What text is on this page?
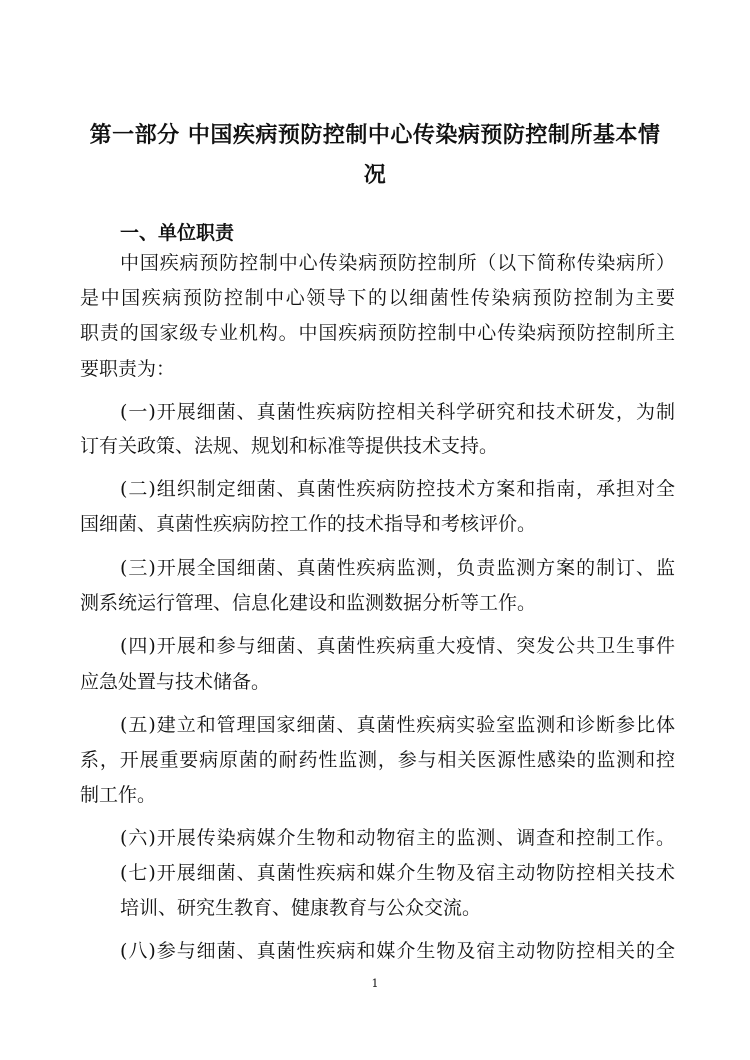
第一部分 中国疾病预防控制中心传染病预防控制所基本情
况
一、单位职责
中国疾病预防控制中心传染病预防控制所（以下简称传染病所）
是中国疾病预防控制中心领导下的以细菌性传染病预防控制为主要
职责的国家级专业机构。中国疾病预防控制中心传染病预防控制所主
要职责为：
(一)开展细菌、真菌性疾病防控相关科学研究和技术研发，为制
订有关政策、法规、规划和标准等提供技术支持。
(二)组织制定细菌、真菌性疾病防控技术方案和指南，承担对全
国细菌、真菌性疾病防控工作的技术指导和考核评价。
(三)开展全国细菌、真菌性疾病监测，负责监测方案的制订、监
测系统运行管理、信息化建设和监测数据分析等工作。
(四)开展和参与细菌、真菌性疾病重大疫情、突发公共卫生事件
应急处置与技术储备。
(五)建立和管理国家细菌、真菌性疾病实验室监测和诊断参比体
系，开展重要病原菌的耐药性监测，参与相关医源性感染的监测和控
制工作。
(六)开展传染病媒介生物和动物宿主的监测、调查和控制工作。
(七)开展细菌、真菌性疾病和媒介生物及宿主动物防控相关技术
培训、研究生教育、健康教育与公众交流。
(八)参与细菌、真菌性疾病和媒介生物及宿主动物防控相关的全
1
